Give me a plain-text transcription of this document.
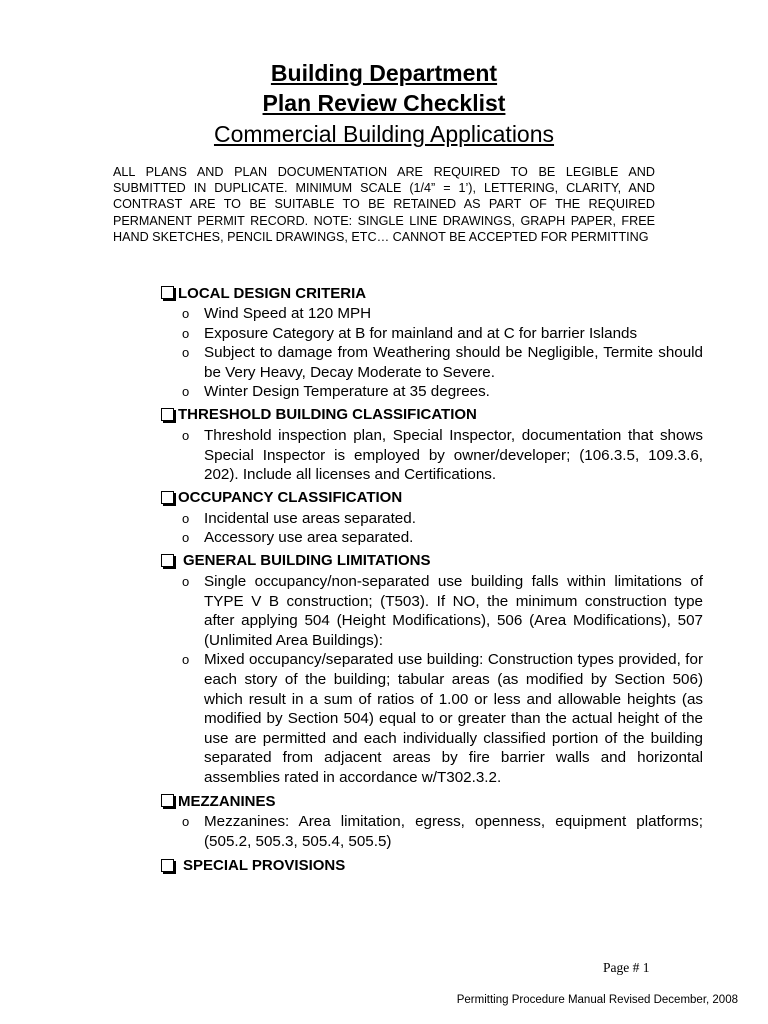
Building Department
Plan Review Checklist
Commercial Building Applications
ALL PLANS AND PLAN DOCUMENTATION ARE REQUIRED TO BE LEGIBLE AND SUBMITTED IN DUPLICATE. MINIMUM SCALE (1/4” = 1’), LETTERING, CLARITY, AND CONTRAST ARE TO BE SUITABLE TO BE RETAINED AS PART OF THE REQUIRED PERMANENT PERMIT RECORD. NOTE: SINGLE LINE DRAWINGS, GRAPH PAPER, FREE HAND SKETCHES, PENCIL DRAWINGS, ETC… CANNOT BE ACCEPTED FOR PERMITTING
LOCAL DESIGN CRITERIA
o Wind Speed at 120 MPH
o Exposure Category at B for mainland and at C for barrier Islands
o Subject to damage from Weathering should be Negligible, Termite should be Very Heavy, Decay Moderate to Severe.
o Winter Design Temperature at 35 degrees.
THRESHOLD BUILDING CLASSIFICATION
o Threshold inspection plan, Special Inspector, documentation that shows Special Inspector is employed by owner/developer; (106.3.5, 109.3.6, 202). Include all licenses and Certifications.
OCCUPANCY CLASSIFICATION
o Incidental use areas separated.
o Accessory use area separated.
GENERAL BUILDING LIMITATIONS
o Single occupancy/non-separated use building falls within limitations of TYPE V B construction; (T503). If NO, the minimum construction type after applying 504 (Height Modifications), 506 (Area Modifications), 507 (Unlimited Area Buildings):
o Mixed occupancy/separated use building: Construction types provided, for each story of the building; tabular areas (as modified by Section 506) which result in a sum of ratios of 1.00 or less and allowable heights (as modified by Section 504) equal to or greater than the actual height of the use are permitted and each individually classified portion of the building separated from adjacent areas by fire barrier walls and horizontal assemblies rated in accordance w/T302.3.2.
MEZZANINES
o Mezzanines: Area limitation, egress, openness, equipment platforms; (505.2, 505.3, 505.4, 505.5)
SPECIAL PROVISIONS
Page # 1
Permitting Procedure Manual Revised December, 2008
